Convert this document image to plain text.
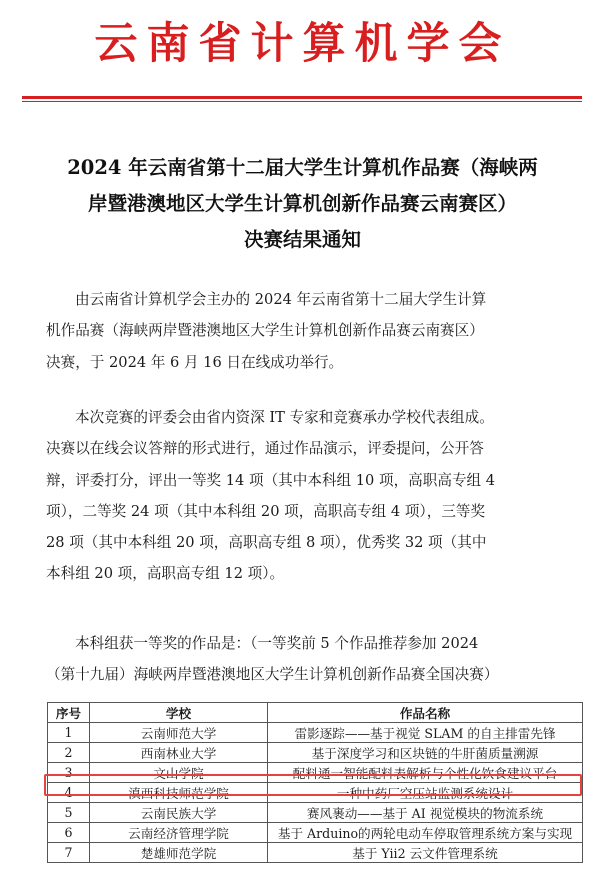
云南省计算机学会
2024 年云南省第十二届大学生计算机作品赛（海峡两
岸暨港澳地区大学生计算机创新作品赛云南赛区）
决赛结果通知
由云南省计算机学会主办的 2024 年云南省第十二届大学生计算
机作品赛（海峡两岸暨港澳地区大学生计算机创新作品赛云南赛区）
决赛，于 2024 年 6 月 16 日在线成功举行。
本次竞赛的评委会由省内资深 IT 专家和竞赛承办学校代表组成。
决赛以在线会议答辩的形式进行，通过作品演示，评委提问，公开答
辩，评委打分，评出一等奖 14 项（其中本科组 10 项，高职高专组 4
项），二等奖 24 项（其中本科组 20 项，高职高专组 4 项），三等奖
28 项（其中本科组 20 项，高职高专组 8 项），优秀奖 32 项（其中
本科组 20 项，高职高专组 12 项）。
本科组获一等奖的作品是：（一等奖前 5 个作品推荐参加 2024
（第十九届）海峡两岸暨港澳地区大学生计算机创新作品赛全国决赛）
序号	学校	作品名称
1	云南师范大学	雷影逐踪——基于视觉 SLAM 的自主排雷先锋
2	西南林业大学	基于深度学习和区块链的牛肝菌质量溯源
3	文山学院	配料通一智能配料表解析与个性化饮食建议平台
4	滇西科技师范学院	一种中药厂空压站监测系统设计
5	云南民族大学	赛风裹动——基于 AI 视觉模块的物流系统
6	云南经济管理学院	基于 Arduino的两轮电动车停取管理系统方案与实现
7	楚雄师范学院	基于 Yii2 云文件管理系统
